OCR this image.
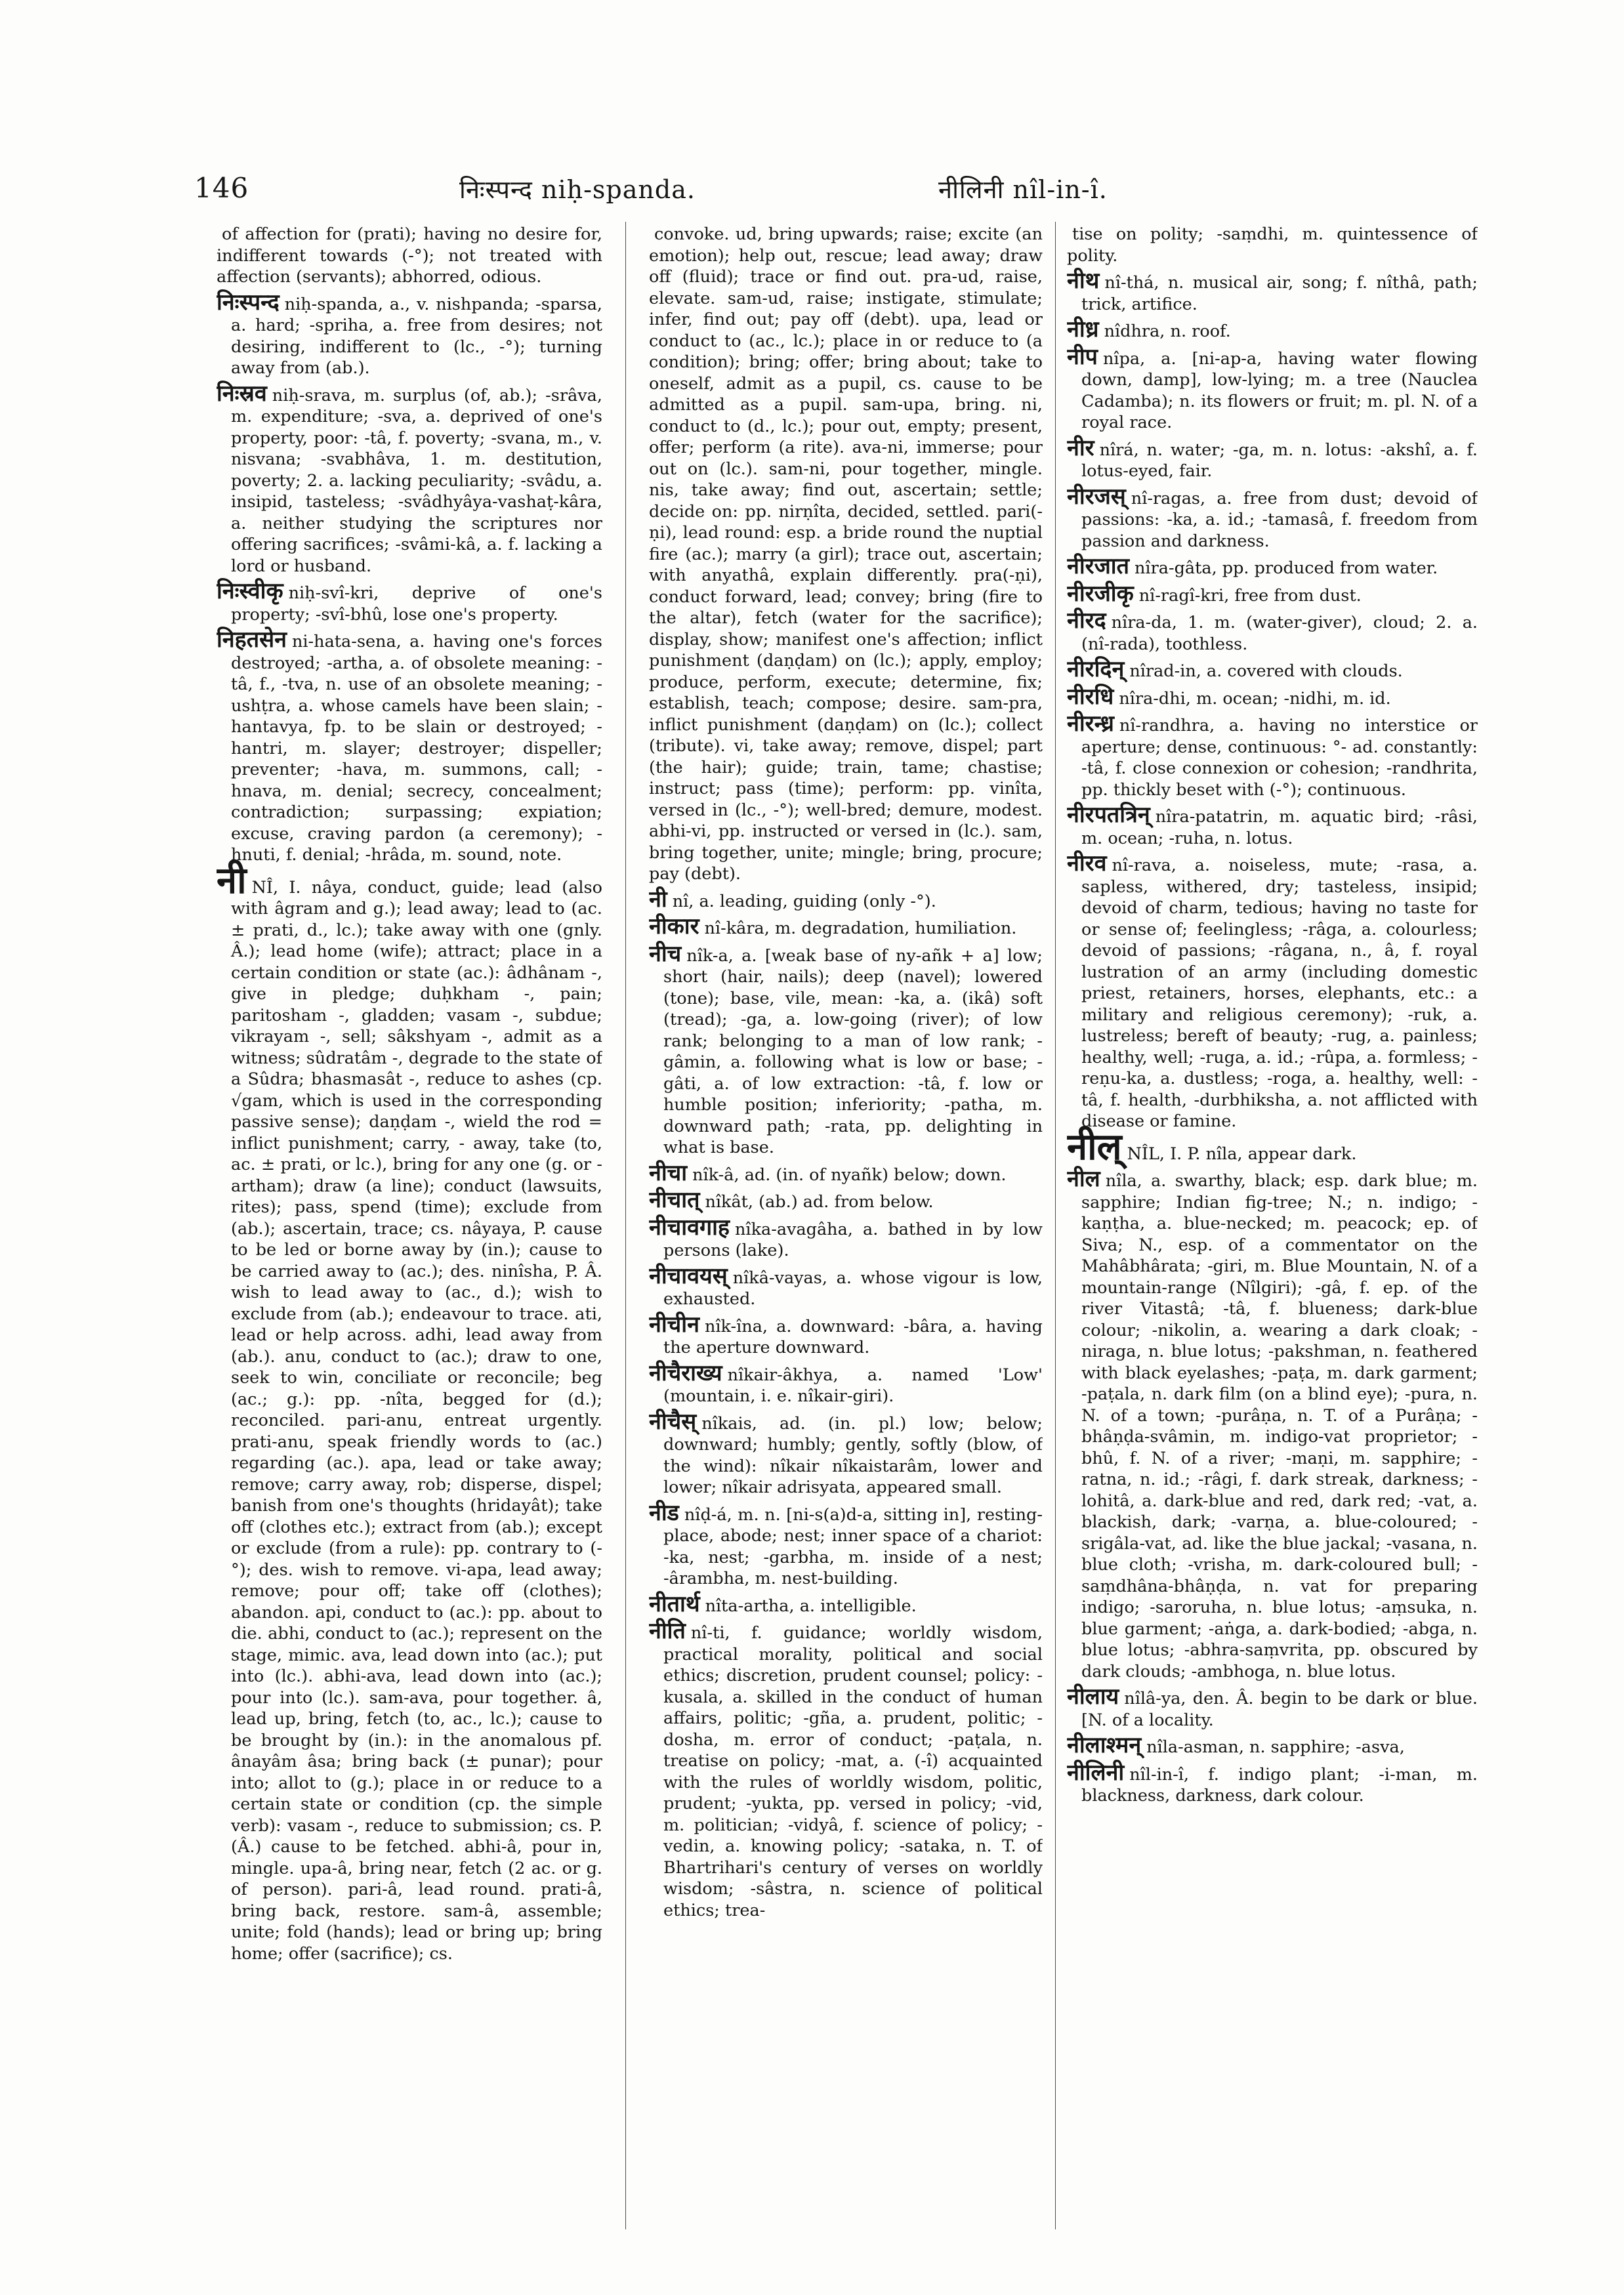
146	निःस्पन्द niḥ-spanda.	नीलिनी nîl-in-î.

of affection for (prati); having no desire for, indifferent towards (-°); not treated with affection (servants); abhorred, odious.

निःस्पन्द niḥ-spanda, a., v. nishpanda; -sparsa, a. hard; -spriha, a. free from desires; not desiring, indifferent to (lc., -°); turning away from (ab.).

निःस्रव niḥ-srava, m. surplus (of, ab.); -srâva, m. expenditure; -sva, a. deprived of one's property, poor: -tâ, f. poverty; -svana, m., v. nisvana; -svabhâva, 1. m. destitution, poverty; 2. a. lacking peculiarity; -svâdu, a. insipid, tasteless; -svâdhyâya-vashaṭ-kâra, a. neither studying the scriptures nor offering sacrifices; -svâmi-kâ, a. f. lacking a lord or husband.

निःस्वीकृ niḥ-svî-kri, deprive of one's property; -svî-bhû, lose one's property.

निहतसेन ni-hata-sena, a. having one's forces destroyed; -artha, a. of obsolete meaning: -tâ, f., -tva, n. use of an obsolete meaning; -ushṭra, a. whose camels have been slain; -hantavya, fp. to be slain or destroyed; -hantri, m. slayer; destroyer; dispeller; preventer; -hava, m. summons, call; -hnava, m. denial; secrecy, concealment; contradiction; surpassing; expiation; excuse, craving pardon (a ceremony); -hnuti, f. denial; -hrâda, m. sound, note.

नीNÎ, I. nâya, conduct, guide; lead (also with âgram and g.); lead away; lead to (ac. ± prati, d., lc.); take away with one (gnly. Â.); lead home (wife); attract; place in a certain condition or state (ac.): âdhânam -, give in pledge; duḥkham -, pain; paritosham -, gladden; vasam -, subdue; vikrayam -, sell; sâkshyam -, admit as a witness; sûdratâm -, degrade to the state of a Sûdra; bhasmasât -, reduce to ashes (cp. √gam, which is used in the corresponding passive sense); daṇḍam -, wield the rod = inflict punishment; carry, - away, take (to, ac. ± prati, or lc.), bring for any one (g. or -artham); draw (a line); conduct (lawsuits, rites); pass, spend (time); exclude from (ab.); ascertain, trace; cs. nâyaya, P. cause to be led or borne away by (in.); cause to be carried away to (ac.); des. ninîsha, P. Â. wish to lead away to (ac., d.); wish to exclude from (ab.); endeavour to trace. ati, lead or help across. adhi, lead away from (ab.). anu, conduct to (ac.); draw to one, seek to win, conciliate or reconcile; beg (ac.; g.): pp. -nîta, begged for (d.); reconciled. pari-anu, entreat urgently. prati-anu, speak friendly words to (ac.) regarding (ac.). apa, lead or take away; remove; carry away, rob; disperse, dispel; banish from one's thoughts (hridayât); take off (clothes etc.); extract from (ab.); except or exclude (from a rule): pp. contrary to (-°); des. wish to remove. vi-apa, lead away; remove; pour off; take off (clothes); abandon. api, conduct to (ac.): pp. about to die. abhi, conduct to (ac.); represent on the stage, mimic. ava, lead down into (ac.); put into (lc.). abhi-ava, lead down into (ac.); pour into (lc.). sam-ava, pour together. â, lead up, bring, fetch (to, ac., lc.); cause to be brought by (in.): in the anomalous pf. ânayâm âsa; bring back (± punar); pour into; allot to (g.); place in or reduce to a certain state or condition (cp. the simple verb): vasam -, reduce to submission; cs. P. (Â.) cause to be fetched. abhi-â, pour in, mingle. upa-â, bring near, fetch (2 ac. or g. of person). pari-â, lead round. prati-â, bring back, restore. sam-â, assemble; unite; fold (hands); lead or bring up; bring home; offer (sacrifice); cs.

convoke. ud, bring upwards; raise; excite (an emotion); help out, rescue; lead away; draw off (fluid); trace or find out. pra-ud, raise, elevate. sam-ud, raise; instigate, stimulate; infer, find out; pay off (debt). upa, lead or conduct to (ac., lc.); place in or reduce to (a condition); bring; offer; bring about; take to oneself, admit as a pupil, cs. cause to be admitted as a pupil. sam-upa, bring. ni, conduct to (d., lc.); pour out, empty; present, offer; perform (a rite). ava-ni, immerse; pour out on (lc.). sam-ni, pour together, mingle. nis, take away; find out, ascertain; settle; decide on: pp. nirṇîta, decided, settled. pari(-ṇi), lead round: esp. a bride round the nuptial fire (ac.); marry (a girl); trace out, ascertain; with anyathâ, explain differently. pra(-ṇi), conduct forward, lead; convey; bring (fire to the altar), fetch (water for the sacrifice); display, show; manifest one's affection; inflict punishment (daṇḍam) on (lc.); apply, employ; produce, perform, execute; determine, fix; establish, teach; compose; desire. sam-pra, inflict punishment (daṇḍam) on (lc.); collect (tribute). vi, take away; remove, dispel; part (the hair); guide; train, tame; chastise; instruct; pass (time); perform: pp. vinîta, versed in (lc., -°); well-bred; demure, modest. abhi-vi, pp. instructed or versed in (lc.). sam, bring together, unite; mingle; bring, procure; pay (debt).

नी nî, a. leading, guiding (only -°).

नीकार nî-kâra, m. degradation, humiliation.

नीच nîk-a, a. [weak base of ny-añk + a] low; short (hair, nails); deep (navel); lowered (tone); base, vile, mean: -ka, a. (ikâ) soft (tread); -ga, a. low-going (river); of low rank; belonging to a man of low rank; -gâmin, a. following what is low or base; -gâti, a. of low extraction: -tâ, f. low or humble position; inferiority; -patha, m. downward path; -rata, pp. delighting in what is base.

नीचा nîk-â, ad. (in. of nyañk) below; down.

नीचात् nîkât, (ab.) ad. from below.

नीचावगाह nîka-avagâha, a. bathed in by low persons (lake).

नीचावयस् nîkâ-vayas, a. whose vigour is low, exhausted.

नीचीन nîk-îna, a. downward: -bâra, a. having the aperture downward.

नीचैराख्य nîkair-âkhya, a. named 'Low' (mountain, i. e. nîkair-giri).

नीचैस् nîkais, ad. (in. pl.) low; below; downward; humbly; gently, softly (blow, of the wind): nîkair nîkaistarâm, lower and lower; nîkair adrisyata, appeared small.

नीड nîḍ-á, m. n. [ni-s(a)d-a, sitting in], resting-place, abode; nest; inner space of a chariot: -ka, nest; -garbha, m. inside of a nest; -ârambha, m. nest-building.

नीतार्थ nîta-artha, a. intelligible.

नीति nî-ti, f. guidance; worldly wisdom, practical morality, political and social ethics; discretion, prudent counsel; policy: -kusala, a. skilled in the conduct of human affairs, politic; -gña, a. prudent, politic; -dosha, m. error of conduct; -paṭala, n. treatise on policy; -mat, a. (-î) acquainted with the rules of worldly wisdom, politic, prudent; -yukta, pp. versed in policy; -vid, m. politician; -vidyâ, f. science of policy; -vedin, a. knowing policy; -sataka, n. T. of Bhartrihari's century of verses on worldly wisdom; -sâstra, n. science of political ethics; trea-

tise on polity; -saṃdhi, m. quintessence of polity.

नीथ nî-thá, n. musical air, song; f. nîthâ, path; trick, artifice.

नीध्र nîdhra, n. roof.

नीप nîpa, a. [ni-ap-a, having water flowing down, damp], low-lying; m. a tree (Nauclea Cadamba); n. its flowers or fruit; m. pl. N. of a royal race.

नीर nîrá, n. water; -ga, m. n. lotus: -akshî, a. f. lotus-eyed, fair.

नीरजस् nî-ragas, a. free from dust; devoid of passions: -ka, a. id.; -tamasâ, f. freedom from passion and darkness.

नीरजात nîra-gâta, pp. produced from water.

नीरजीकृ nî-ragî-kri, free from dust.

नीरद nîra-da, 1. m. (water-giver), cloud; 2. a. (nî-rada), toothless.

नीरदिन् nîrad-in, a. covered with clouds.

नीरधि nîra-dhi, m. ocean; -nidhi, m. id.

नीरन्ध्र nî-randhra, a. having no interstice or aperture; dense, continuous: °- ad. constantly: -tâ, f. close connexion or cohesion; -randhrita, pp. thickly beset with (-°); continuous.

नीरपतत्रिन् nîra-patatrin, m. aquatic bird; -râsi, m. ocean; -ruha, n. lotus.

नीरव nî-rava, a. noiseless, mute; -rasa, a. sapless, withered, dry; tasteless, insipid; devoid of charm, tedious; having no taste for or sense of; feelingless; -râga, a. colourless; devoid of passions; -râgana, n., â, f. royal lustration of an army (including domestic priest, retainers, horses, elephants, etc.: a military and religious ceremony); -ruk, a. lustreless; bereft of beauty; -rug, a. painless; healthy, well; -ruga, a. id.; -rûpa, a. formless; -reṇu-ka, a. dustless; -roga, a. healthy, well: -tâ, f. health, -durbhiksha, a. not afflicted with disease or famine.

नील् NÎL, I. P. nîla, appear dark.

नील nîla, a. swarthy, black; esp. dark blue; m. sapphire; Indian fig-tree; N.; n. indigo; -kaṇṭha, a. blue-necked; m. peacock; ep. of Siva; N., esp. of a commentator on the Mahâbhârata; -giri, m. Blue Mountain, N. of a mountain-range (Nîlgiri); -gâ, f. ep. of the river Vitastâ; -tâ, f. blueness; dark-blue colour; -nikolin, a. wearing a dark cloak; -niraga, n. blue lotus; -pakshman, n. feathered with black eyelashes; -paṭa, m. dark garment; -paṭala, n. dark film (on a blind eye); -pura, n. N. of a town; -purâṇa, n. T. of a Purâṇa; -bhâṇḍa-svâmin, m. indigo-vat proprietor; -bhû, f. N. of a river; -maṇi, m. sapphire; -ratna, n. id.; -râgi, f. dark streak, darkness; -lohitâ, a. dark-blue and red, dark red; -vat, a. blackish, dark; -varṇa, a. blue-coloured; -srigâla-vat, ad. like the blue jackal; -vasana, n. blue cloth; -vrisha, m. dark-coloured bull; -saṃdhâna-bhâṇḍa, n. vat for preparing indigo; -saroruha, n. blue lotus; -aṃsuka, n. blue garment; -aṅga, a. dark-bodied; -abga, n. blue lotus; -abhra-saṃvrita, pp. obscured by dark clouds; -ambhoga, n. blue lotus.

नीलाय nîlâ-ya, den. Â. begin to be dark or blue. [N. of a locality.

नीलाश्मन् nîla-asman, n. sapphire; -asva,

नीलिनी nîl-in-î, f. indigo plant; -i-man, m. blackness, darkness, dark colour.
